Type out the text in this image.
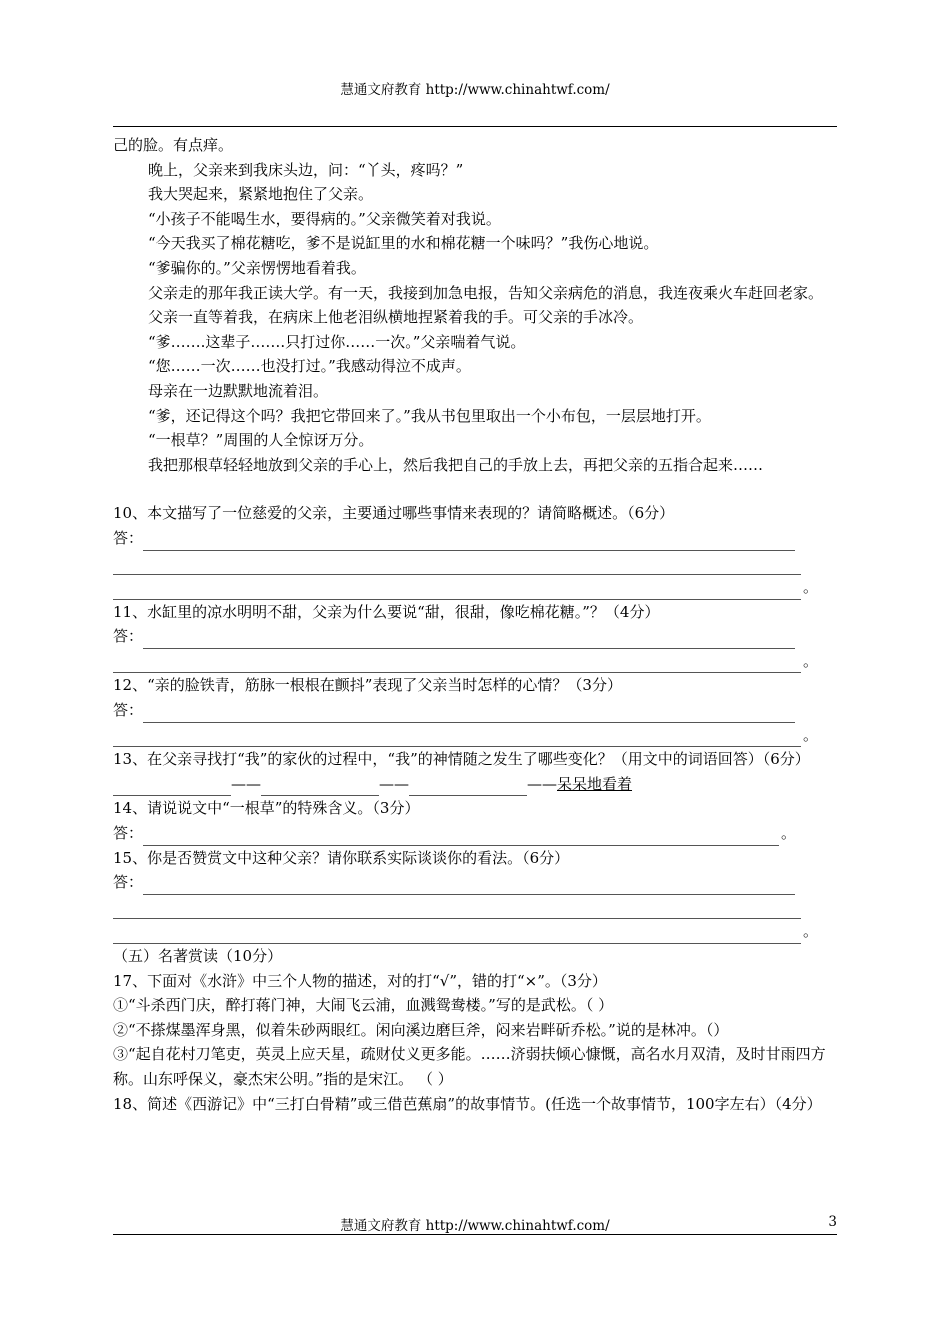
慧通文府教育 http://www.chinahtwf.com/

己的脸。有点痒。

晚上，父亲来到我床头边，问：“丫头，疼吗？”

我大哭起来，紧紧地抱住了父亲。

“小孩子不能喝生水，要得病的。”父亲微笑着对我说。

“今天我买了棉花糖吃，爹不是说缸里的水和棉花糖一个味吗？”我伤心地说。

“爹骗你的。”父亲愣愣地看着我。

父亲走的那年我正读大学。有一天，我接到加急电报，告知父亲病危的消息，我连夜乘火车赶回老家。

父亲一直等着我，在病床上他老泪纵横地捏紧着我的手。可父亲的手冰冷。

“爹…….这辈子…….只打过你……一次。”父亲喘着气说。

“您……一次……也没打过。”我感动得泣不成声。

母亲在一边默默地流着泪。

“爹，还记得这个吗？我把它带回来了。”我从书包里取出一个小布包，一层层地打开。

“一根草？”周围的人全惊讶万分。

我把那根草轻轻地放到父亲的手心上，然后我把自己的手放上去，再把父亲的五指合起来……

10、本文描写了一位慈爱的父亲，主要通过哪些事情来表现的？请简略概述。（6分）

答：
。

11、水缸里的凉水明明不甜，父亲为什么要说“甜，很甜，像吃棉花糖。”？（4分）

答：
。

12、“亲的脸铁青，筋脉一根根在颤抖”表现了父亲当时怎样的心情？（3分）

答：
。

13、在父亲寻找打“我”的家伙的过程中，“我”的神情随之发生了哪些变化？（用文中的词语回答）（6分）

——	——	—— 呆呆地看着

14、请说说文中“一根草”的特殊含义。（3分）

答：	。

15、你是否赞赏文中这种父亲？请你联系实际谈谈你的看法。（6分）

答：
。

（五）名著赏读（10分）

17、下面对《水浒》中三个人物的描述，对的打“√”，错的打“×”。（3分）

①“斗杀西门庆，醉打蒋门神，大闹飞云浦，血溅鸳鸯楼。”写的是武松。（ ）

②“不搽煤墨浑身黑，似着朱砂两眼红。闲向溪边磨巨斧，闷来岩畔斫乔松。”说的是林冲。（）

③“起自花村刀笔吏，英灵上应天星，疏财仗义更多能。……济弱扶倾心慷慨，高名水月双清，及时甘雨四方称。山东呼保义，豪杰宋公明。”指的是宋江。 （ ）

18、简述《西游记》中“三打白骨精”或三借芭蕉扇”的故事情节。(任选一个故事情节，100字左右）（4分）

慧通文府教育 http://www.chinahtwf.com/	3
